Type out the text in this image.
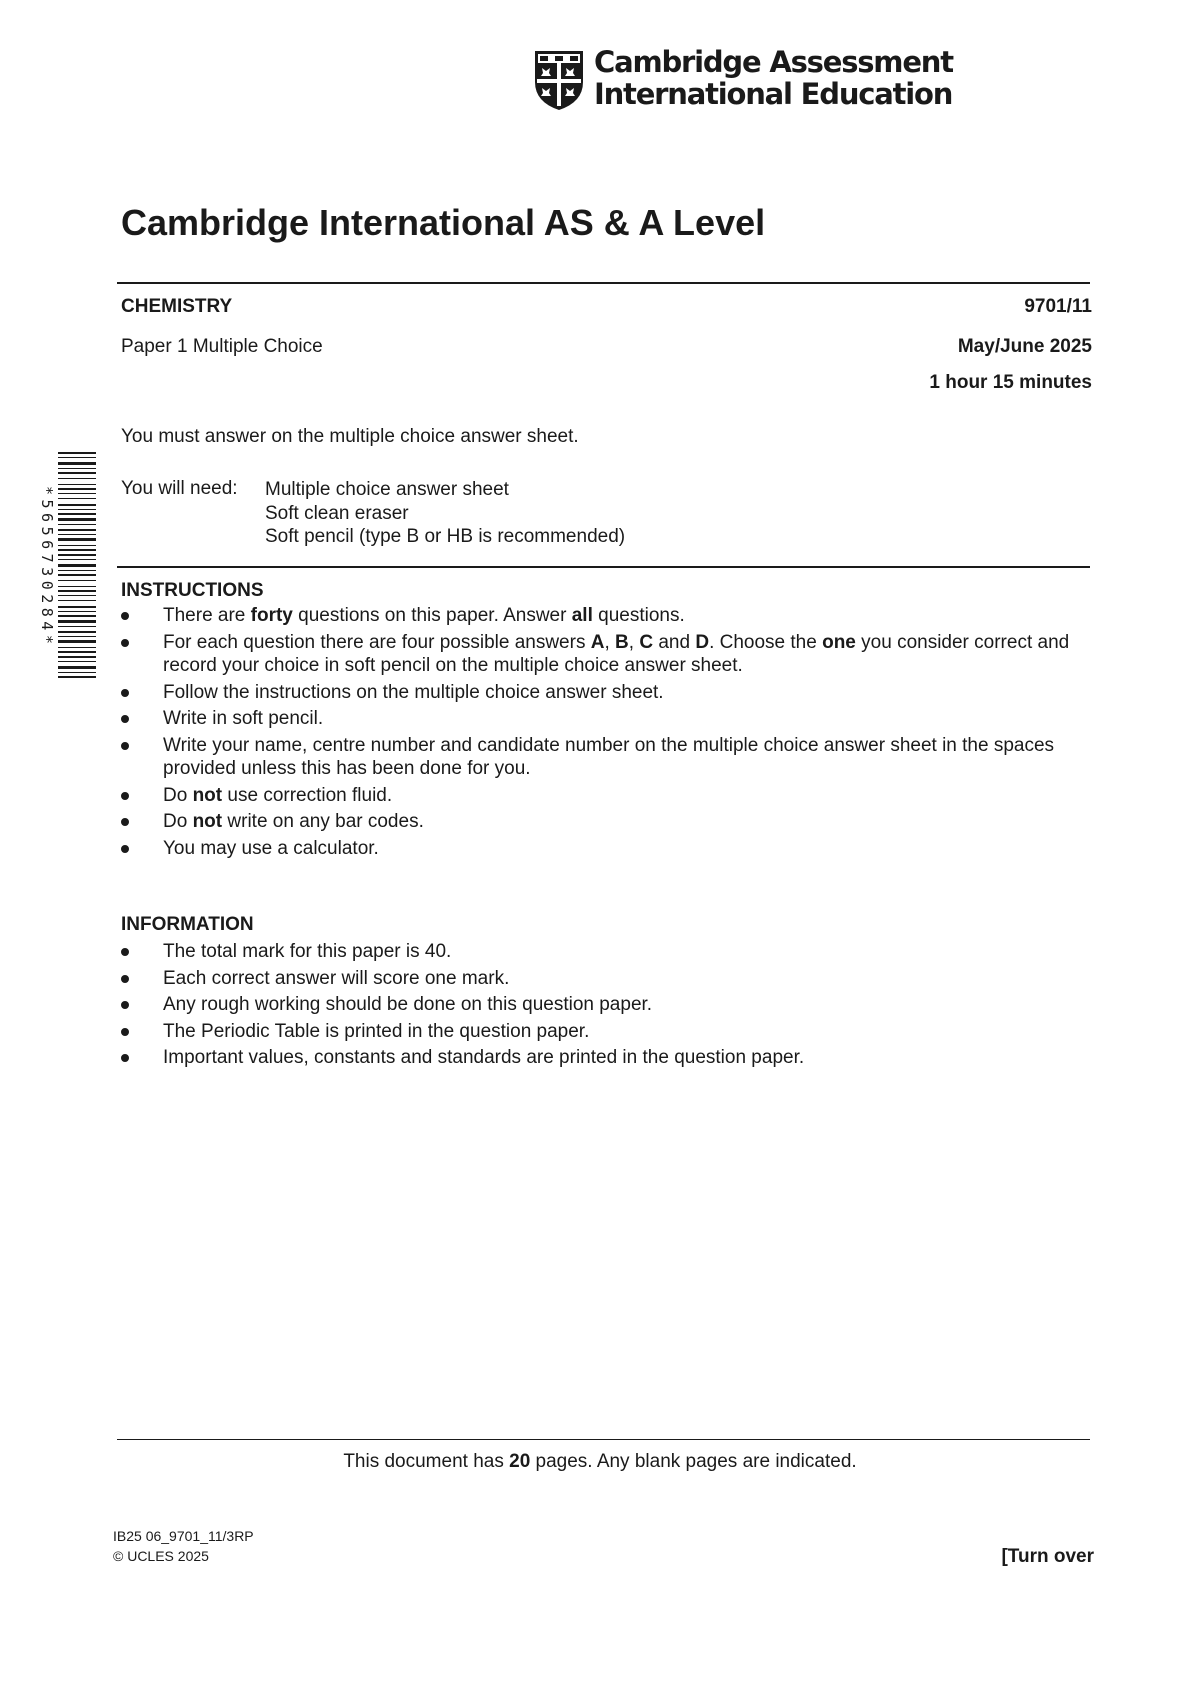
Cambridge Assessment
International Education
Cambridge International AS & A Level
CHEMISTRY	9701/11
Paper 1 Multiple Choice	May/June 2025
1 hour 15 minutes
You must answer on the multiple choice answer sheet.
You will need: Multiple choice answer sheet
Soft clean eraser
Soft pencil (type B or HB is recommended)
*5656730284*	INSTRUCTIONS
There are forty questions on this paper. Answer all questions.
For each question there are four possible answers A, B, C and D. Choose the one you consider correct and record your choice in soft pencil on the multiple choice answer sheet.
Follow the instructions on the multiple choice answer sheet.
Write in soft pencil.
Write your name, centre number and candidate number on the multiple choice answer sheet in the spaces provided unless this has been done for you.
Do not use correction fluid.
Do not write on any bar codes.
You may use a calculator.
INFORMATION
The total mark for this paper is 40.
Each correct answer will score one mark.
Any rough working should be done on this question paper.
The Periodic Table is printed in the question paper.
Important values, constants and standards are printed in the question paper.
This document has 20 pages. Any blank pages are indicated.
IB25 06_9701_11/3RP
© UCLES 2025	[Turn over
